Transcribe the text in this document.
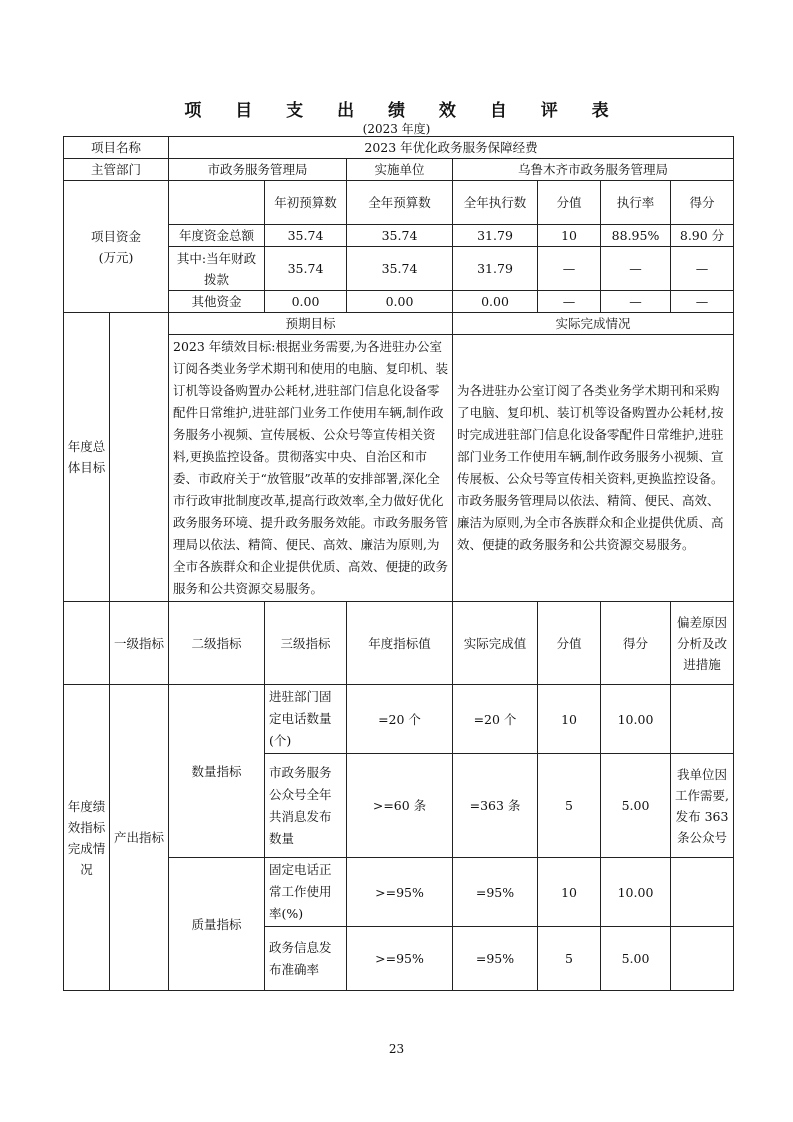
项 目 支 出 绩 效 自 评 表
(2023 年度)
项目名称		2023 年优化政务服务保障经费						
主管部门		市政务服务管理局		实施单位	乌鲁木齐市政务服务管理局			

项目资金
(万元)			年初预算数	全年预算数	全年执行数	分值	执行率	得分
		年度资金总额	35.74	35.74	31.79	10	88.95%	8.90 分
		其中:当年财政拨款	35.74	35.74	31.79	—	—	—
		其他资金	0.00	0.00	0.00	—	—	—
年度总体目标		预期目标			实际完成情况			
		2023 年绩效目标:根据业务需要,为各进驻办公室订阅各类业务学术期刊和使用的电脑、复印机、装订机等设备购置办公耗材,进驻部门信息化设备零配件日常维护,进驻部门业务工作使用车辆,制作政务服务小视频、宣传展板、公众号等宣传相关资料,更换监控设备。贯彻落实中央、自治区和市委、市政府关于“放管服”改革的安排部署,深化全市行政审批制度改革,提高行政效率,全力做好优化政务服务环境、提升政务服务效能。市政务服务管理局以依法、精简、便民、高效、廉洁为原则,为全市各族群众和企业提供优质、高效、便捷的政务服务和公共资源交易服务。			为各进驻办公室订阅了各类业务学术期刊和采购了电脑、复印机、装订机等设备购置办公耗材,按时完成进驻部门信息化设备零配件日常维护,进驻部门业务工作使用车辆,制作政务服务小视频、宣传展板、公众号等宣传相关资料,更换监控设备。市政务服务管理局以依法、精简、便民、高效、廉洁为原则,为全市各族群众和企业提供优质、高效、便捷的政务服务和公共资源交易服务。			
	一级指标	二级指标	三级指标	年度指标值	实际完成值	分值	得分	偏差原因分析及改进措施
年度绩效指标完成情况	产出指标	数量指标	进驻部门固定电话数量(个)	=20 个	=20 个	10	10.00	
			市政务服务公众号全年共消息发布数量	>=60 条	=363 条	5	5.00	我单位因工作需要,发布 363 条公众号
		质量指标	固定电话正常工作使用率(%)	>=95%	=95%	10	10.00	
			政务信息发布准确率	>=95%	=95%	5	5.00	
23
